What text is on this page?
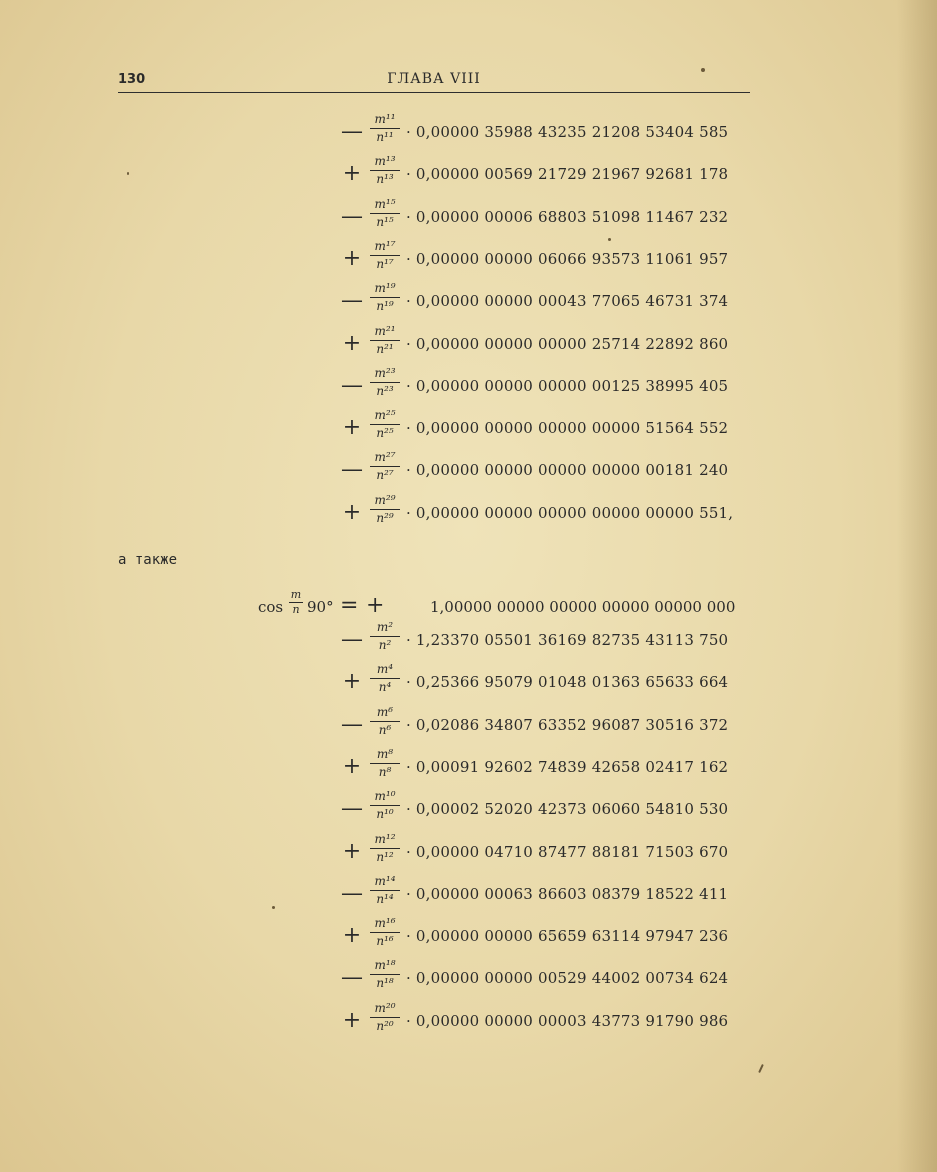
130	ГЛАВА VIII
— $\frac{\text{m¹¹}}{\text{n¹¹}} \cdot 0,00000$ 35988 43235 21208 53404 585
+ $\frac{\text{m¹³}}{\text{n¹³}} \cdot 0,00000$ 00569 21729 21967 92681 178
— $\frac{\text{m¹⁵}}{\text{n¹⁵}} \cdot 0,00000$ 00006 68803 51098 11467 232
+ $\frac{\text{m¹⁷}}{\text{n¹⁷}} \cdot 0,00000$ 00000 06066 93573 11061 957
— $\frac{\text{m¹⁹}}{\text{n¹⁹}} \cdot 0,00000$ 00000 00043 77065 46731 374
+ $\frac{\text{m²¹}}{\text{n²¹}} \cdot 0,00000$ 00000 00000 25714 22892 860
— $\frac{\text{m²³}}{\text{n²³}} \cdot 0,00000$ 00000 00000 00125 38995 405
+ $\frac{\text{m²⁵}}{\text{n²⁵}} \cdot 0,00000$ 00000 00000 00000 51564 552
— $\frac{\text{m²⁷}}{\text{n²⁷}} \cdot 0,00000$ 00000 00000 00000 00181 240
+ $\frac{\text{m²⁹}}{\text{n²⁹}} \cdot 0,00000$ 00000 00000 00000 00000 551,
а также
$\cos \frac{m}{n} 90^\circ$ = +	1,00000 00000 00000 00000 00000 000
— $\frac{\text{m²}}{\text{n²}} \cdot 1,23370$ 05501 36169 82735 43113 750
+ $\frac{\text{m⁴}}{\text{n⁴}} \cdot 0,25366$ 95079 01048 01363 65633 664
— $\frac{\text{m⁶}}{\text{n⁶}} \cdot 0,02086$ 34807 63352 96087 30516 372
+ $\frac{\text{m⁸}}{\text{n⁸}} \cdot 0,00091$ 92602 74839 42658 02417 162
— $\frac{\text{m¹⁰}}{\text{n¹⁰}} \cdot 0,00002$ 52020 42373 06060 54810 530
+ $\frac{\text{m¹²}}{\text{n¹²}} \cdot 0,00000$ 04710 87477 88181 71503 670
— $\frac{\text{m¹⁴}}{\text{n¹⁴}} \cdot 0,00000$ 00063 86603 08379 18522 411
+ $\frac{\text{m¹⁶}}{\text{n¹⁶}} \cdot 0,00000$ 00000 65659 63114 97947 236
— $\frac{\text{m¹⁸}}{\text{n¹⁸}} \cdot 0,00000$ 00000 00529 44002 00734 624
+ $\frac{\text{m²⁰}}{\text{n²⁰}} \cdot 0,00000$ 00000 00003 43773 91790 986
